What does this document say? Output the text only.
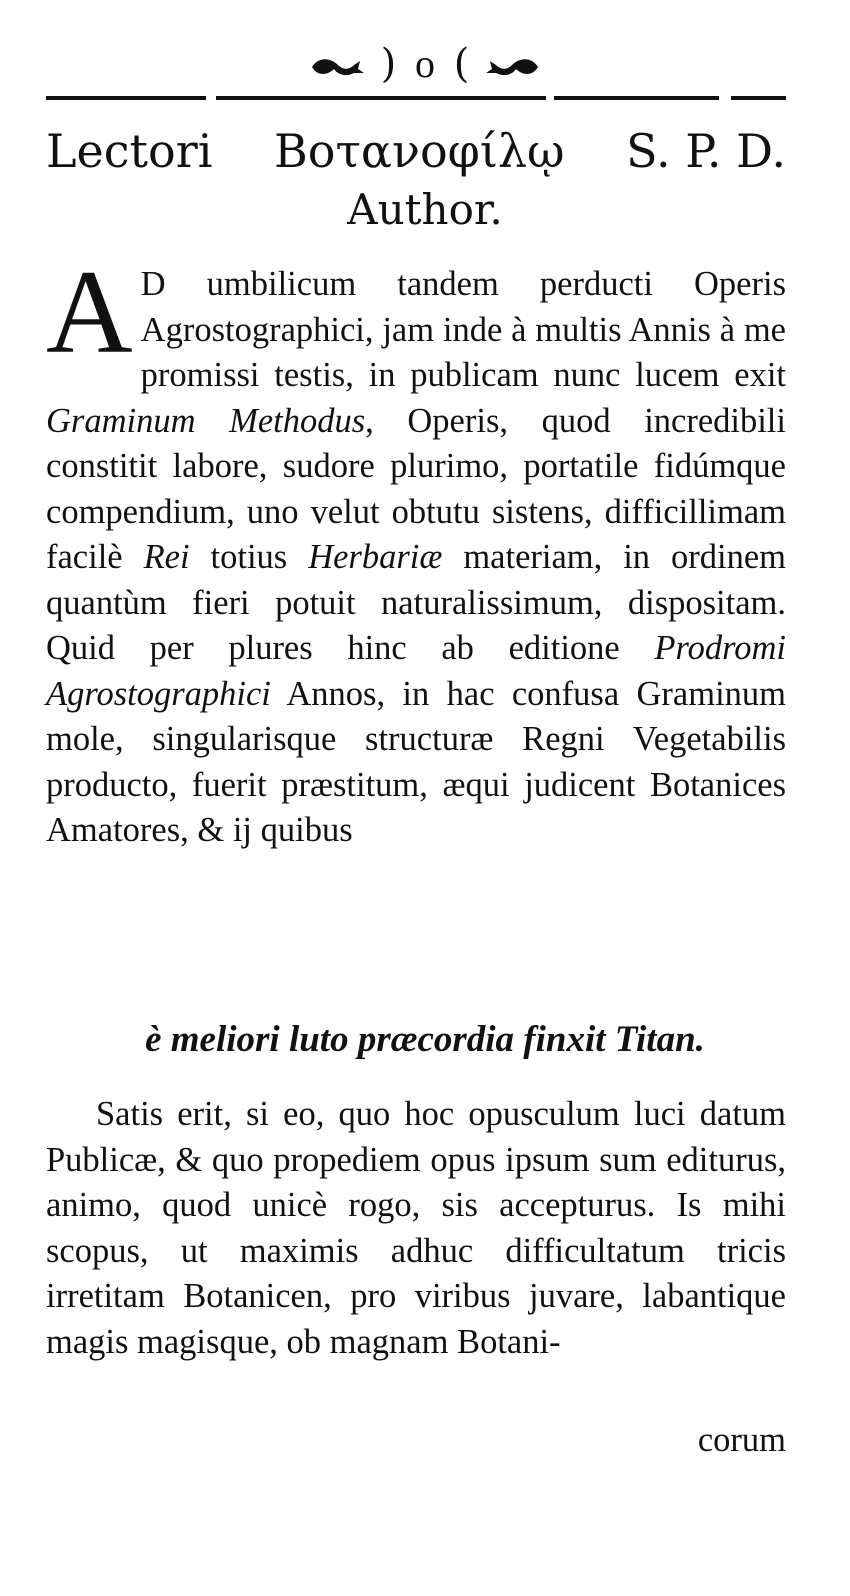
) o (
Lectori Βοτανοφίλῳ S. P. D.
Author.
A D umbilicum tandem perducti Operis Agrostographici, jam inde à multis Annis à me promissi testis, in publicam nunc lucem exit Graminum Methodus, Operis, quod incredibili constitit labore, sudore plurimo, portatile fidúmque compendium, uno velut obtutu sistens, difficillimam facilè Rei totius Herbariæ materiam, in ordinem quantùm fieri potuit naturalissimum, dispositam. Quid per plures hinc ab editione Prodromi Agrostographici Annos, in hac confusa Graminum mole, singularisque structuræ Regni Vegetabilis producto, fuerit præstitum, æqui judicent Botanices Amatores, & ij quibus

è meliori luto præcordia finxit Titan.

Satis erit, si eo, quo hoc opusculum luci datum Publicæ, & quo propediem opus ipsum sum editurus, animo, quod unicè rogo, sis accepturus. Is mihi scopus, ut maximis adhuc difficultatum tricis irretitam Botanicen, pro viribus juvare, labantique magis magisque, ob magnam Botani-

corum
